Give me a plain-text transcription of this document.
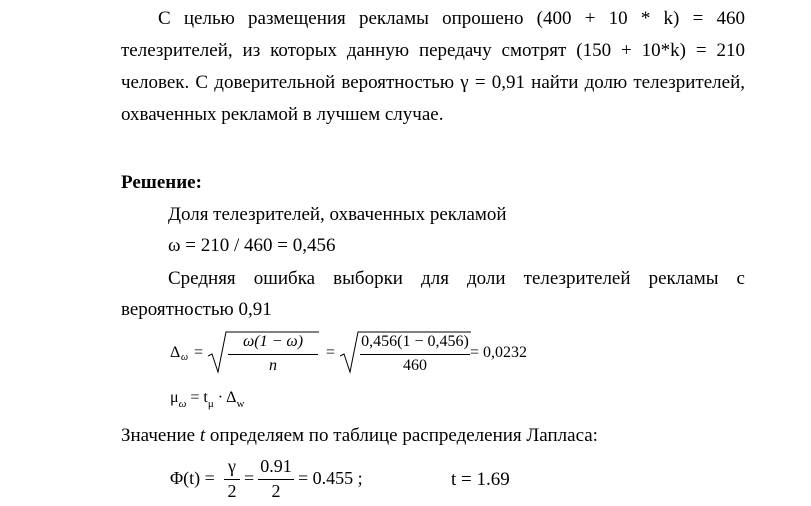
С целью размещения рекламы опрошено (400 + 10 * k) = 460
телезрителей, из которых данную передачу смотрят (150 + 10*k) = 210
человек. С доверительной вероятностью γ = 0,91 найти долю телезрителей,
охваченных рекламой в лучшем случае.
Решение:
Доля телезрителей, охваченных рекламой
ω = 210 / 460 = 0,456
Средняя ошибка выборки для доли телезрителей рекламы с
вероятностью 0,91
Δ ω =
ω(1 − ω)
n
=
0,456(1 − 0,456)
460
= 0,0232
$\mu_\omega = t_\mu \cdot \Delta_w$
Значение t определяем по таблице распределения Лапласа:
Φ(t) =
γ
2
=
0.91
2
= 0.455 ;	t = 1.69
